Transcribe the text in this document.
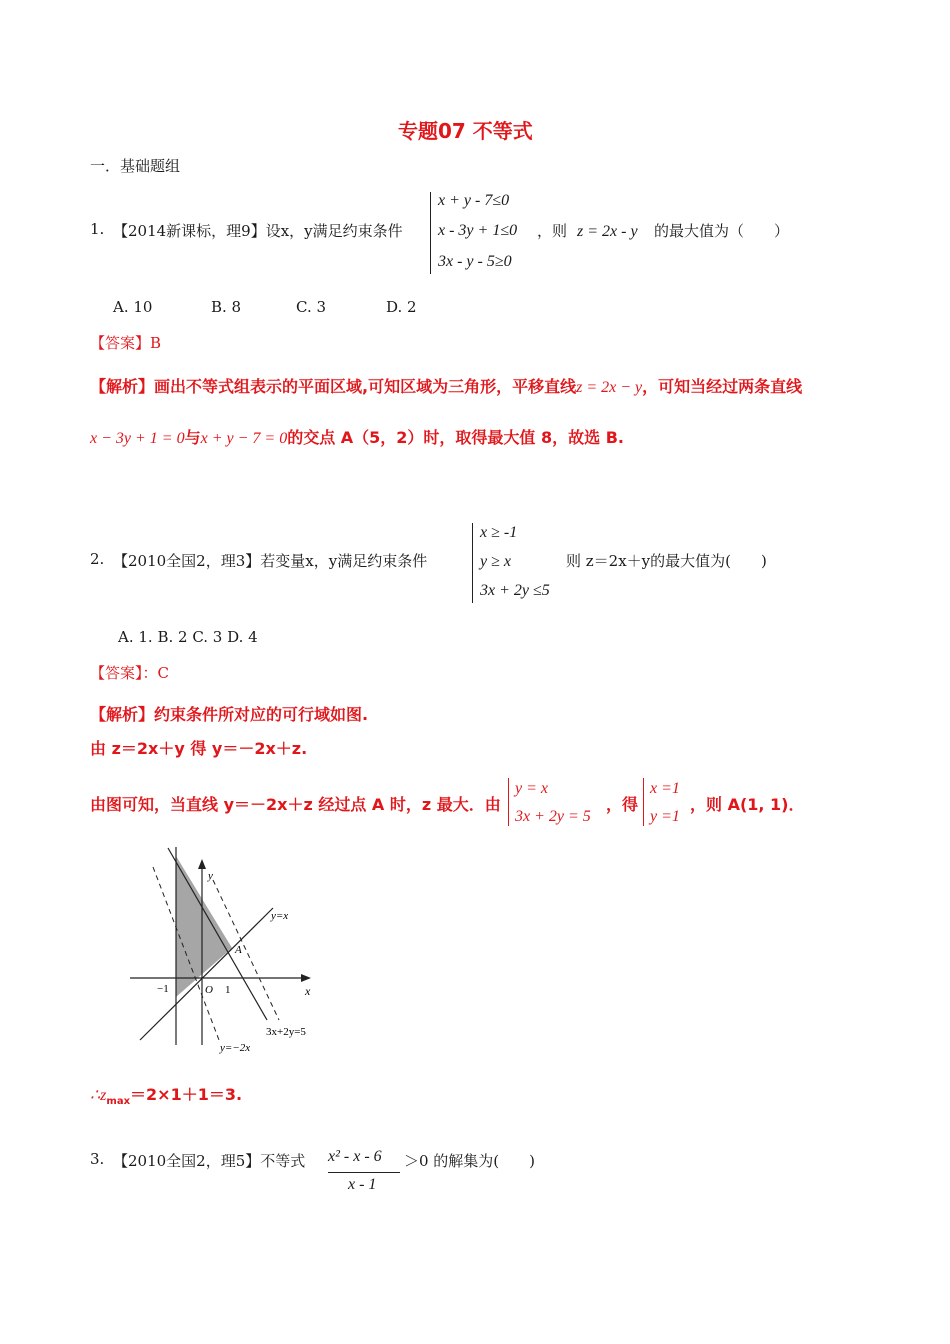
专题07 不等式
一．基础题组
1. 【2014新课标，理9】设x，y满足约束条件
x + y - 7≤0
x - 3y + 1≤0
3x - y - 5≥0
，则 z = 2x - y 的最大值为（　　）
A. 10	B. 8	C. 3	D. 2
【答案】B
【解析】画出不等式组表示的平面区域,可知区域为三角形，平移直线z = 2x − y，可知当经过两条直线
x − 3y + 1 = 0与x + y − 7 = 0的交点 A（5，2）时，取得最大值 8，故选 B.
2. 【2010全国2，理3】若变量x，y满足约束条件
x ≥ -1
y ≥ x
3x + 2y ≤5
则 z＝2x＋y的最大值为(　　)
A. 1. B. 2 C. 3 D. 4
【答案】：C
【解析】约束条件所对应的可行域如图.
由 z＝2x＋y 得 y＝－2x＋z.
由图可知，当直线 y＝－2x＋z 经过点 A 时，z 最大．由
y = x
3x + 2y = 5
，得
x =1
y =1
，则 A(1, 1)．
y
x
O
−1	1
A
y=x
3x+2y=5
y=−2x
$\therefore z_{max}=2\times 1+1=3$.
3. 【2010全国2，理5】不等式 x² - x - 6
x - 1
＞0 的解集为(　　)
